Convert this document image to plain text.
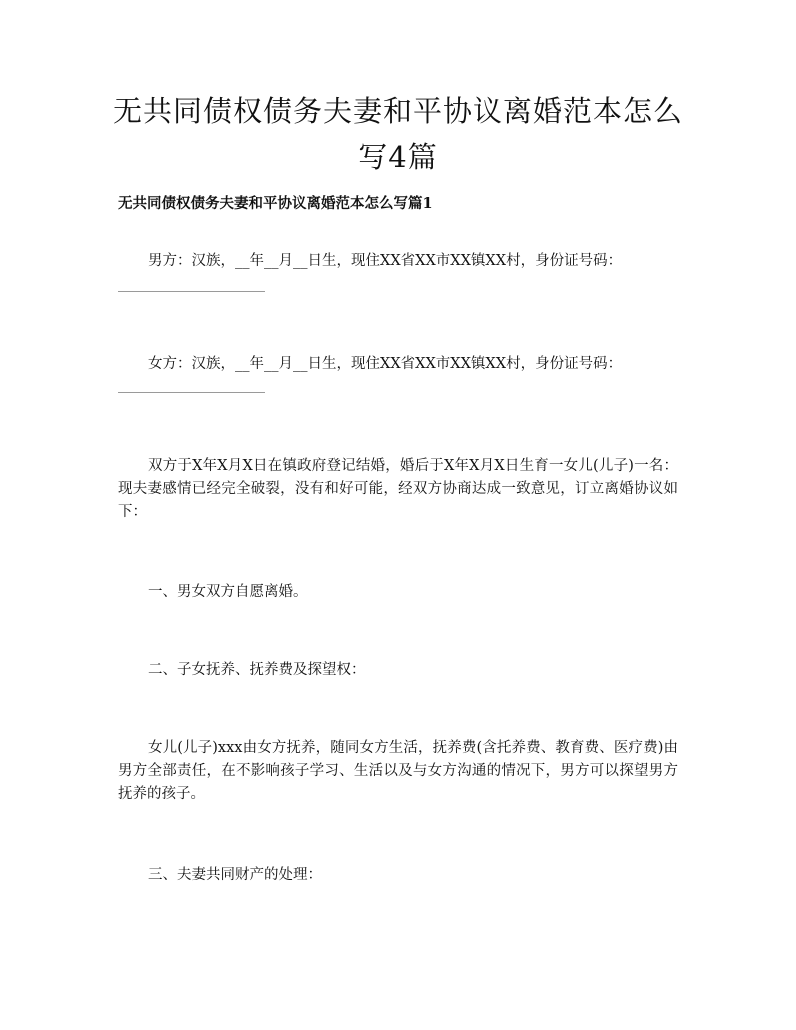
无共同债权债务夫妻和平协议离婚范本怎么写4篇

无共同债权债务夫妻和平协议离婚范本怎么写篇1

男方：汉族，__年__月__日生，现住XX省XX市XX镇XX村，身份证号码：

女方：汉族，__年__月__日生，现住XX省XX市XX镇XX村，身份证号码：

双方于X年X月X日在镇政府登记结婚，婚后于X年X月X日生育一女儿(儿子)一名：现夫妻感情已经完全破裂，没有和好可能，经双方协商达成一致意见，订立离婚协议如下：

一、男女双方自愿离婚。

二、子女抚养、抚养费及探望权：

女儿(儿子)xxx由女方抚养，随同女方生活，抚养费(含托养费、教育费、医疗费)由男方全部责任，在不影响孩子学习、生活以及与女方沟通的情况下，男方可以探望男方抚养的孩子。

三、夫妻共同财产的处理：
